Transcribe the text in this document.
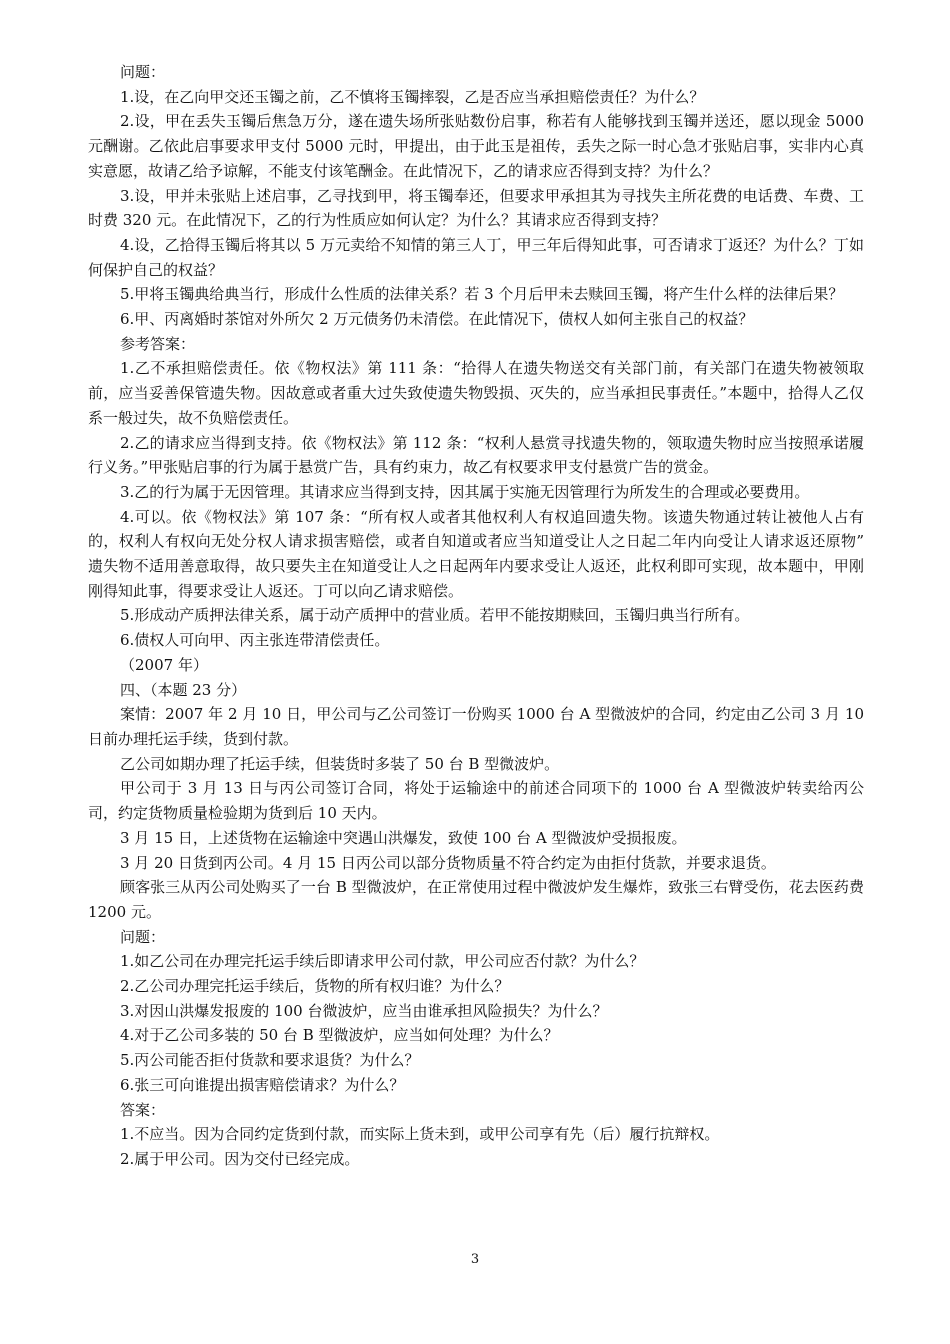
问题：

1.设，在乙向甲交还玉镯之前，乙不慎将玉镯摔裂，乙是否应当承担赔偿责任？为什么？

2.设，甲在丢失玉镯后焦急万分，遂在遗失场所张贴数份启事，称若有人能够找到玉镯并送还，愿以现金 5000 元酬谢。乙依此启事要求甲支付 5000 元时，甲提出，由于此玉是祖传，丢失之际一时心急才张贴启事，实非内心真实意愿，故请乙给予谅解，不能支付该笔酬金。在此情况下，乙的请求应否得到支持？为什么？

3.设，甲并未张贴上述启事，乙寻找到甲，将玉镯奉还，但要求甲承担其为寻找失主所花费的电话费、车费、工时费 320 元。在此情况下，乙的行为性质应如何认定？为什么？其请求应否得到支持？

4.设，乙拾得玉镯后将其以 5 万元卖给不知情的第三人丁，甲三年后得知此事，可否请求丁返还？为什么？丁如何保护自己的权益？

5.甲将玉镯典给典当行，形成什么性质的法律关系？若 3 个月后甲未去赎回玉镯，将产生什么样的法律后果？

6.甲、丙离婚时茶馆对外所欠 2 万元债务仍未清偿。在此情况下，债权人如何主张自己的权益？

参考答案：

1.乙不承担赔偿责任。依《物权法》第 111 条：“拾得人在遗失物送交有关部门前，有关部门在遗失物被领取前，应当妥善保管遗失物。因故意或者重大过失致使遗失物毁损、灭失的，应当承担民事责任。”本题中，拾得人乙仅系一般过失，故不负赔偿责任。

2.乙的请求应当得到支持。依《物权法》第 112 条：“权利人悬赏寻找遗失物的，领取遗失物时应当按照承诺履行义务。”甲张贴启事的行为属于悬赏广告，具有约束力，故乙有权要求甲支付悬赏广告的赏金。

3.乙的行为属于无因管理。其请求应当得到支持，因其属于实施无因管理行为所发生的合理或必要费用。

4.可以。依《物权法》第 107 条：“所有权人或者其他权利人有权追回遗失物。该遗失物通过转让被他人占有的，权利人有权向无处分权人请求损害赔偿，或者自知道或者应当知道受让人之日起二年内向受让人请求返还原物” 遗失物不适用善意取得，故只要失主在知道受让人之日起两年内要求受让人返还，此权利即可实现，故本题中，甲刚刚得知此事，得要求受让人返还。丁可以向乙请求赔偿。

5.形成动产质押法律关系，属于动产质押中的营业质。若甲不能按期赎回，玉镯归典当行所有。

6.债权人可向甲、丙主张连带清偿责任。

（2007 年）

四、（本题 23 分）

案情：2007 年 2 月 10 日，甲公司与乙公司签订一份购买 1000 台 A 型微波炉的合同，约定由乙公司 3 月 10 日前办理托运手续，货到付款。

乙公司如期办理了托运手续，但装货时多装了 50 台 B 型微波炉。

甲公司于 3 月 13 日与丙公司签订合同，将处于运输途中的前述合同项下的 1000 台 A 型微波炉转卖给丙公司，约定货物质量检验期为货到后 10 天内。

3 月 15 日，上述货物在运输途中突遇山洪爆发，致使 100 台 A 型微波炉受损报废。

3 月 20 日货到丙公司。4 月 15 日丙公司以部分货物质量不符合约定为由拒付货款，并要求退货。

顾客张三从丙公司处购买了一台 B 型微波炉，在正常使用过程中微波炉发生爆炸，致张三右臂受伤，花去医药费 1200 元。

问题：

1.如乙公司在办理完托运手续后即请求甲公司付款，甲公司应否付款？为什么？

2.乙公司办理完托运手续后，货物的所有权归谁？为什么？

3.对因山洪爆发报废的 100 台微波炉，应当由谁承担风险损失？为什么？

4.对于乙公司多装的 50 台 B 型微波炉，应当如何处理？为什么？

5.丙公司能否拒付货款和要求退货？为什么？

6.张三可向谁提出损害赔偿请求？为什么？

答案：

1.不应当。因为合同约定货到付款，而实际上货未到，或甲公司享有先（后）履行抗辩权。

2.属于甲公司。因为交付已经完成。

3
